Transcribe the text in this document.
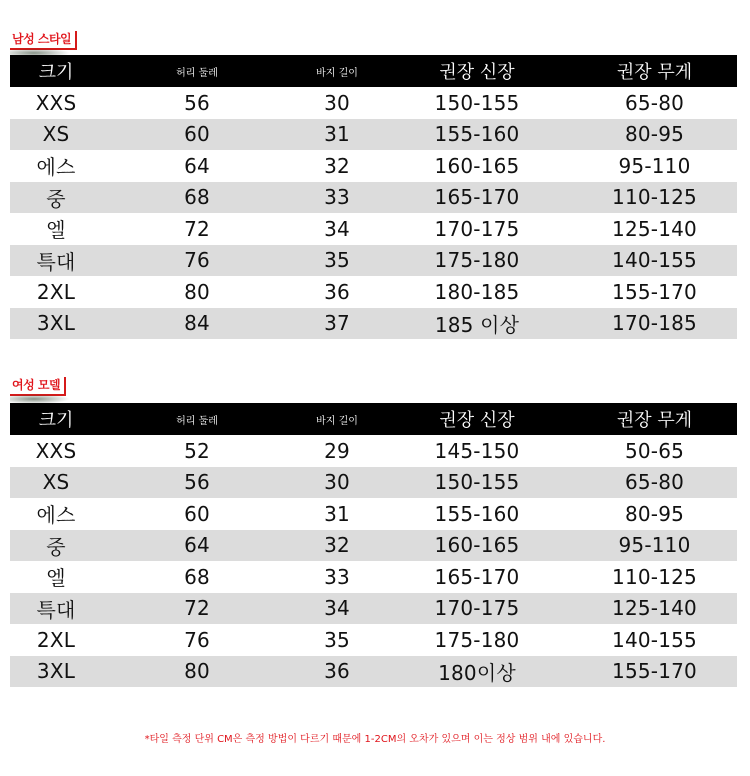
남성 스타일
크기	허리 둘레	바지 길이	권장 신장	권장 무게
XXS	56	30	150-155	65-80
XS	60	31	155-160	80-95
에스	64	32	160-165	95-110
중	68	33	165-170	110-125
엘	72	34	170-175	125-140
특대	76	35	175-180	140-155
2XL	80	36	180-185	155-170
3XL	84	37	185 이상	170-185
여성 모델
크기	허리 둘레	바지 길이	권장 신장	권장 무게
XXS	52	29	145-150	50-65
XS	56	30	150-155	65-80
에스	60	31	155-160	80-95
중	64	32	160-165	95-110
엘	68	33	165-170	110-125
특대	72	34	170-175	125-140
2XL	76	35	175-180	140-155
3XL	80	36	180이상	155-170
*타일 측정 단위 CM은 측정 방법이 다르기 때문에 1-2CM의 오차가 있으며 이는 정상 범위 내에 있습니다.
